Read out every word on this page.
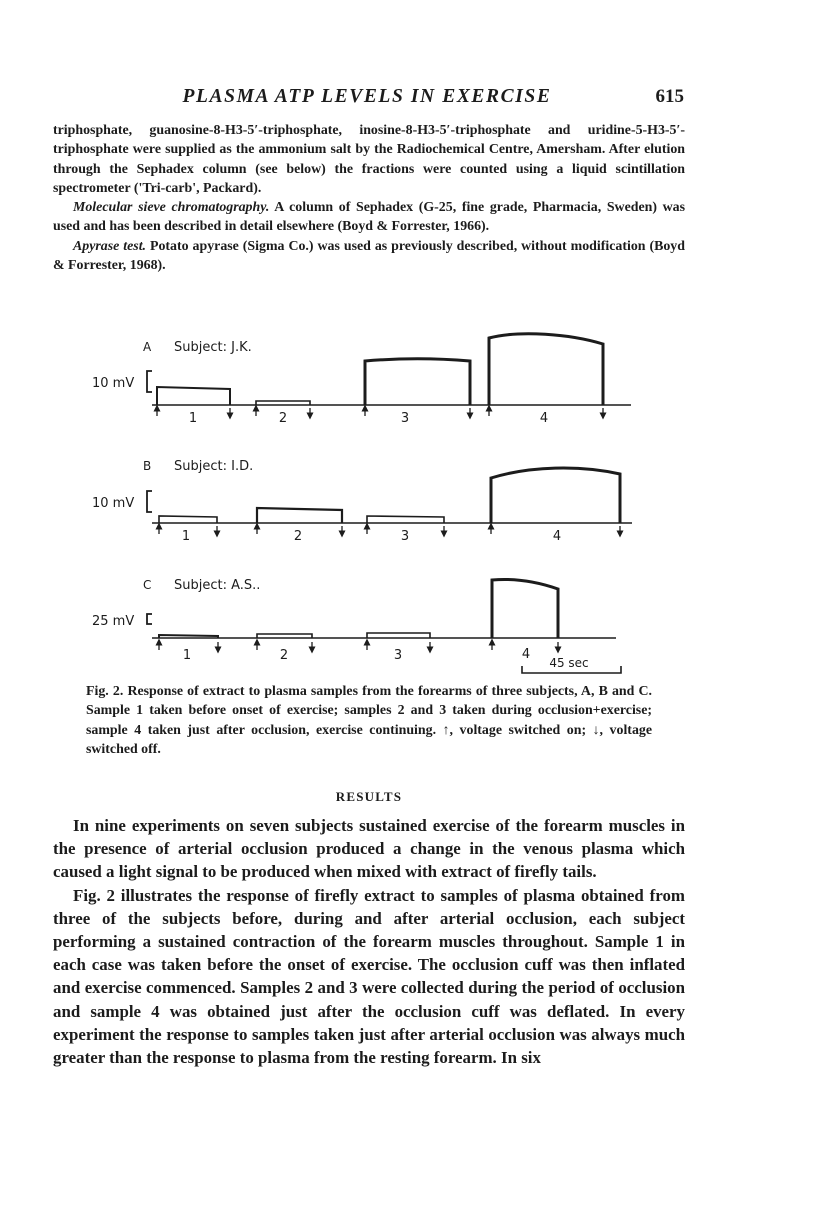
PLASMA ATP LEVELS IN EXERCISE	615

triphosphate, guanosine-8-H3-5′-triphosphate, inosine-8-H3-5′-triphosphate and uridine-5-H3-5′-triphosphate were supplied as the ammonium salt by the Radiochemical Centre, Amersham. After elution through the Sephadex column (see below) the fractions were counted using a liquid scintillation spectrometer ('Tri-carb', Packard).

Molecular sieve chromatography. A column of Sephadex (G-25, fine grade, Pharmacia, Sweden) was used and has been described in detail elsewhere (Boyd & Forrester, 1966).

Apyrase test. Potato apyrase (Sigma Co.) was used as previously described, without modification (Boyd & Forrester, 1968).

A Subject: J.K.
10 mV
1	2	3	4
B Subject: I.D.
10 mV
1	2	3	4
C Subject: A.S..
25 mV
1	2	3	4
45 sec

Fig. 2. Response of extract to plasma samples from the forearms of three subjects, A, B and C. Sample 1 taken before onset of exercise; samples 2 and 3 taken during occlusion+exercise; sample 4 taken just after occlusion, exercise continuing. ↑, voltage switched on; ↓, voltage switched off.

RESULTS

In nine experiments on seven subjects sustained exercise of the forearm muscles in the presence of arterial occlusion produced a change in the venous plasma which caused a light signal to be produced when mixed with extract of firefly tails.

Fig. 2 illustrates the response of firefly extract to samples of plasma obtained from three of the subjects before, during and after arterial occlusion, each subject performing a sustained contraction of the forearm muscles throughout. Sample 1 in each case was taken before the onset of exercise. The occlusion cuff was then inflated and exercise commenced. Samples 2 and 3 were collected during the period of occlusion and sample 4 was obtained just after the occlusion cuff was deflated. In every experiment the response to samples taken just after arterial occlusion was always much greater than the response to plasma from the resting forearm. In six
